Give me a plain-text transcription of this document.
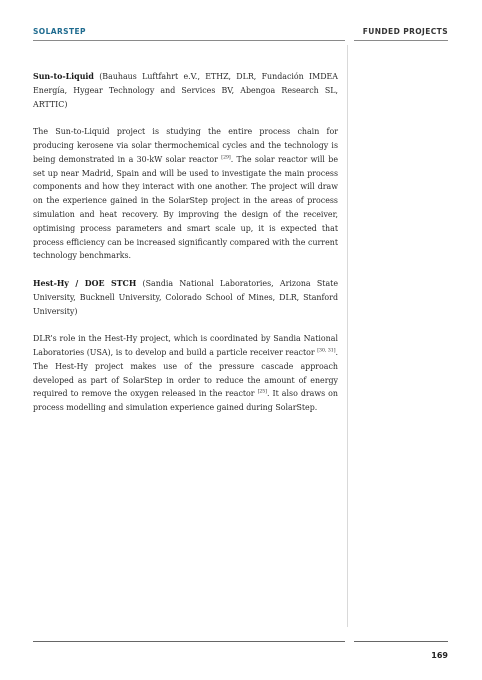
SOLARSTEP	FUNDED PROJECTS

Sun-to-Liquid (Bauhaus Luftfahrt e.V., ETHZ, DLR, Fundación IMDEA Energía, Hygear Technology and Services BV, Abengoa Research SL, ARTTIC)

The Sun-to-Liquid project is studying the entire process chain for producing kerosene via solar thermochemical cycles and the technology is being demonstrated in a 30-kW solar reactor [29]. The solar reactor will be set up near Madrid, Spain and will be used to investigate the main process components and how they interact with one another. The project will draw on the experience gained in the SolarStep project in the areas of process simulation and heat recovery. By improving the design of the receiver, optimising process parameters and smart scale up, it is expected that process efficiency can be increased significantly compared with the current technology benchmarks.

Hest-Hy / DOE STCH (Sandia National Laboratories, Arizona State University, Bucknell University, Colorado School of Mines, DLR, Stanford University)

DLR’s role in the Hest-Hy project, which is coordinated by Sandia National Laboratories (USA), is to develop and build a particle receiver reactor [30, 31]. The Hest-Hy project makes use of the pressure cascade approach developed as part of SolarStep in order to reduce the amount of energy required to remove the oxygen released in the reactor [25]. It also draws on process modelling and simulation experience gained during SolarStep.

169
